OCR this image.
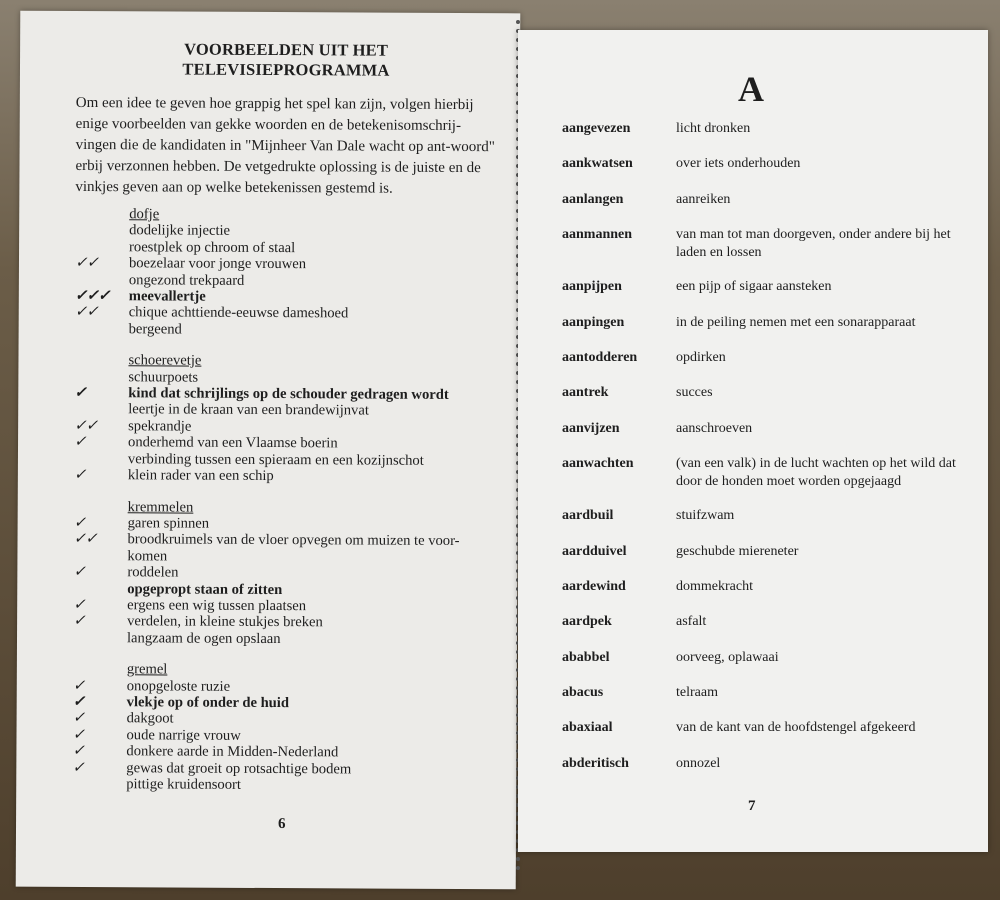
VOORBEELDEN UIT HET
TELEVISIEPROGRAMMA

Om een idee te geven hoe grappig het spel kan zijn, volgen hierbij enige voorbeelden van gekke woorden en de betekenisomschrij-vingen die de kandidaten in "Mijnheer Van Dale wacht op ant-woord" erbij verzonnen hebben. De vetgedrukte oplossing is de juiste en de vinkjes geven aan op welke betekenissen gestemd is.

dofje
dodelijke injectie
roestplek op chroom of staal
✓✓	boezelaar voor jonge vrouwen
ongezond trekpaard
✓✓✓	meevallertje
✓✓	chique achttiende-eeuwse dameshoed
bergeend
schoerevetje
schuurpoets
✓	kind dat schrijlings op de schouder gedragen wordt
leertje in de kraan van een brandewijnvat
✓✓	spekrandje
✓	onderhemd van een Vlaamse boerin
verbinding tussen een spieraam en een kozijnschot
✓	klein rader van een schip
kremmelen
✓	garen spinnen
✓✓	broodkruimels van de vloer opvegen om muizen te voor-komen
✓	roddelen
opgepropt staan of zitten
✓	ergens een wig tussen plaatsen
✓	verdelen, in kleine stukjes breken
langzaam de ogen opslaan
gremel
✓	onopgeloste ruzie
✓	vlekje op of onder de huid
✓	dakgoot
✓	oude narrige vrouw
✓	donkere aarde in Midden-Nederland
✓	gewas dat groeit op rotsachtige bodem
pittige kruidensoort
6
A
aangevezen	licht dronken
aankwatsen	over iets onderhouden
aanlangen	aanreiken
aanmannen	van man tot man doorgeven, onder andere bij het laden en lossen
aanpijpen	een pijp of sigaar aansteken
aanpingen	in de peiling nemen met een sonarapparaat
aantodderen	opdirken
aantrek	succes
aanvijzen	aanschroeven
aanwachten	(van een valk) in de lucht wachten op het wild dat door de honden moet worden opgejaagd
aardbuil	stuifzwam
aardduivel	geschubde miereneter
aardewind	dommekracht
aardpek	asfalt
ababbel	oorveeg, oplawaai
abacus	telraam
abaxiaal	van de kant van de hoofdstengel afgekeerd
abderitisch	onnozel
7
